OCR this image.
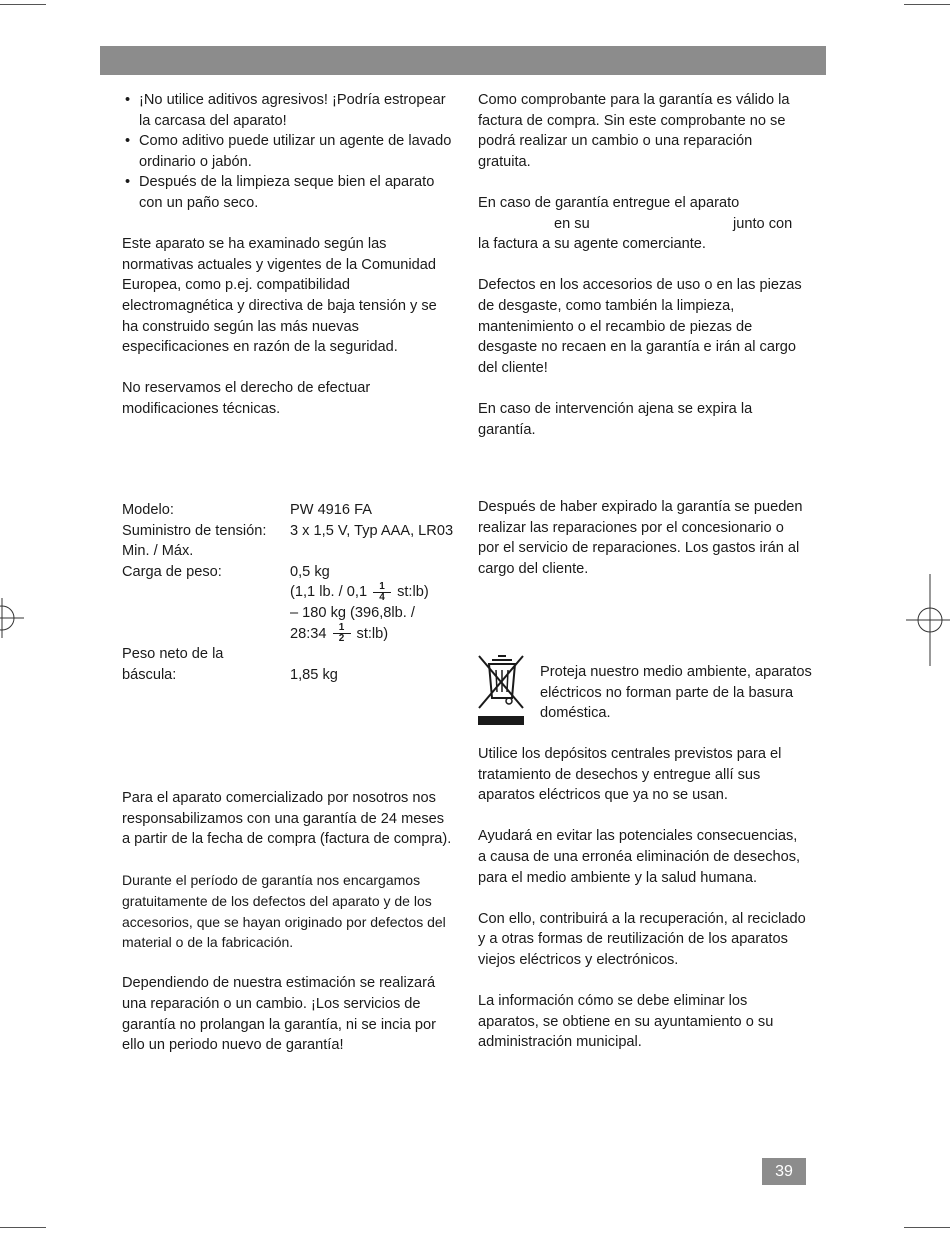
• ¡No utilice aditivos agresivos! ¡Podría estropear la carcasa del aparato!
• Como aditivo puede utilizar un agente de lavado ordinario o jabón.
• Después de la limpieza seque bien el aparato con un paño seco.

Este aparato se ha examinado según las normativas actuales y vigentes de la Comunidad Europea, como p.ej. compatibilidad electromagnética y directiva de baja tensión y se ha construido según las más nuevas especificaciones en razón de la seguridad.

No reservamos el derecho de efectuar modificaciones técnicas.

Modelo:	PW 4916 FA
Suministro de tensión:	3 x 1,5 V, Typ AAA, LR03
Min. / Máx.
Carga de peso:	0,5 kg
(1,1 lb. / $0,1 \frac{1}{4}$ st:lb)
– 180 kg (396,8lb. /
28:34 $\frac{1}{2}$ st:lb)
Peso neto de la
báscula:
	1,85 kg

Para el aparato comercializado por nosotros nos responsabilizamos con una garantía de 24 meses a partir de la fecha de compra (factura de compra).

Durante el período de garantía nos encargamos gratuitamente de los defectos del aparato y de los accesorios, que se hayan originado por defectos del material o de la fabricación.

Dependiendo de nuestra estimación se realizará una reparación o un cambio. ¡Los servicios de garantía no prolangan la garantía, ni se incia por ello un periodo nuevo de garantía!

Como comprobante para la garantía es válido la factura de compra. Sin este comprobante no se podrá realizar un cambio o una reparación gratuita.

En caso de garantía entregue el aparato
en su	junto con
la factura a su agente comerciante.

Defectos en los accesorios de uso o en las piezas de desgaste, como también la limpieza, mantenimiento o el recambio de piezas de desgaste no recaen en la garantía e irán al cargo del cliente!

En caso de intervención ajena se expira la garantía.

Después de haber expirado la garantía se pueden realizar las reparaciones por el concesionario o por el servicio de reparaciones. Los gastos irán al cargo del cliente.

Proteja nuestro medio ambiente, aparatos eléctricos no forman parte de la basura doméstica.

Utilice los depósitos centrales previstos para el tratamiento de desechos y entregue allí sus aparatos eléctricos que ya no se usan.

Ayudará en evitar las potenciales consecuencias, a causa de una erronéa eliminación de desechos, para el medio ambiente y la salud humana.

Con ello, contribuirá a la recuperación, al reciclado y a otras formas de reutilización de los aparatos viejos eléctricos y electrónicos.

La información cómo se debe eliminar los aparatos, se obtiene en su ayuntamiento o su administración municipal.

39
